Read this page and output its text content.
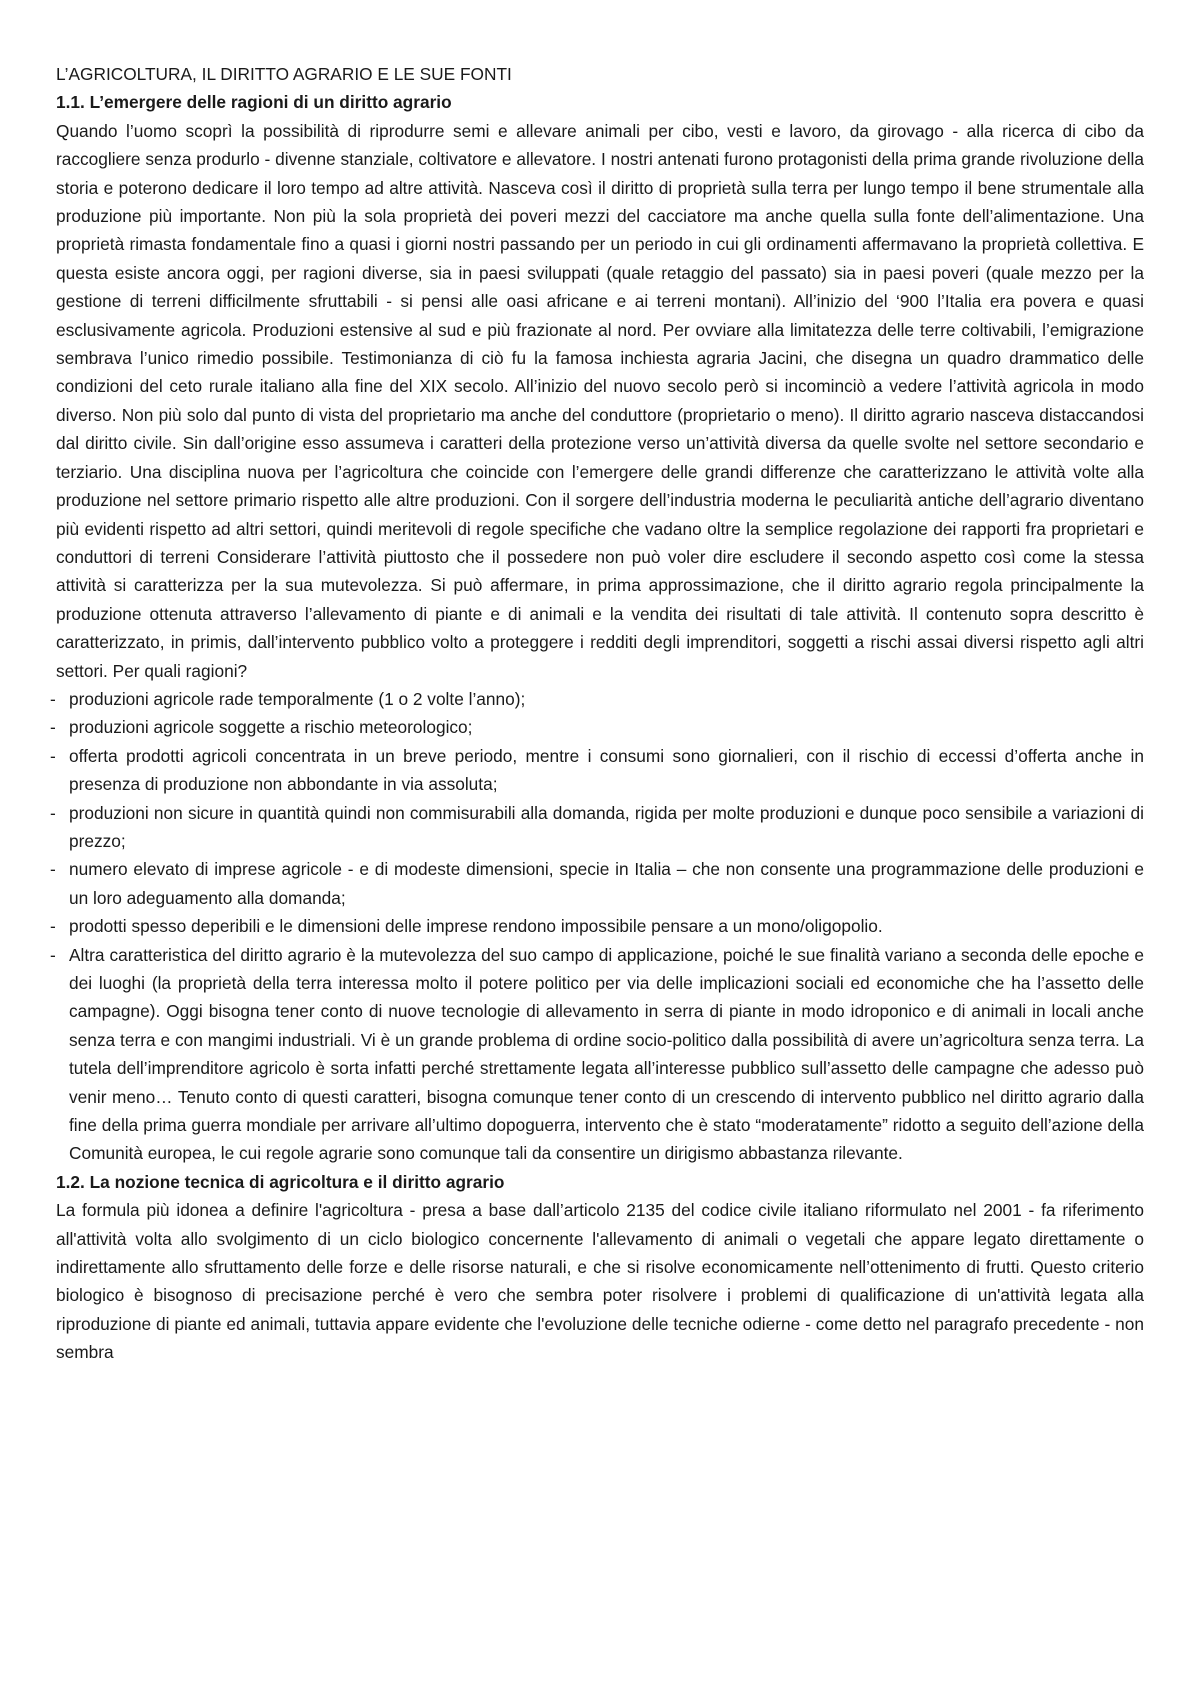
L’AGRICOLTURA, IL DIRITTO AGRARIO E LE SUE FONTI
1.1. L’emergere delle ragioni di un diritto agrario

Quando l’uomo scoprì la possibilità di riprodurre semi e allevare animali per cibo, vesti e lavoro, da girovago - alla ricerca di cibo da raccogliere senza produrlo - divenne stanziale, coltivatore e allevatore. I nostri antenati furono protagonisti della prima grande rivoluzione della storia e poterono dedicare il loro tempo ad altre attività. Nasceva così il diritto di proprietà sulla terra per lungo tempo il bene strumentale alla produzione più importante. Non più la sola proprietà dei poveri mezzi del cacciatore ma anche quella sulla fonte dell’alimentazione. Una proprietà rimasta fondamentale fino a quasi i giorni nostri passando per un periodo in cui gli ordinamenti affermavano la proprietà collettiva. E questa esiste ancora oggi, per ragioni diverse, sia in paesi sviluppati (quale retaggio del passato) sia in paesi poveri (quale mezzo per la gestione di terreni difficilmente sfruttabili - si pensi alle oasi africane e ai terreni montani). All’inizio del ‘900 l’Italia era povera e quasi esclusivamente agricola. Produzioni estensive al sud e più frazionate al nord. Per ovviare alla limitatezza delle terre coltivabili, l’emigrazione sembrava l’unico rimedio possibile. Testimonianza di ciò fu la famosa inchiesta agraria Jacini, che disegna un quadro drammatico delle condizioni del ceto rurale italiano alla fine del XIX secolo. All’inizio del nuovo secolo però si incominciò a vedere l’attività agricola in modo diverso. Non più solo dal punto di vista del proprietario ma anche del conduttore (proprietario o meno). Il diritto agrario nasceva distaccandosi dal diritto civile. Sin dall’origine esso assumeva i caratteri della protezione verso un’attività diversa da quelle svolte nel settore secondario e terziario. Una disciplina nuova per l’agricoltura che coincide con l’emergere delle grandi differenze che caratterizzano le attività volte alla produzione nel settore primario rispetto alle altre produzioni. Con il sorgere dell’industria moderna le peculiarità antiche dell’agrario diventano più evidenti rispetto ad altri settori, quindi meritevoli di regole specifiche che vadano oltre la semplice regolazione dei rapporti fra proprietari e conduttori di terreni Considerare l’attività piuttosto che il possedere non può voler dire escludere il secondo aspetto così come la stessa attività si caratterizza per la sua mutevolezza. Si può affermare, in prima approssimazione, che il diritto agrario regola principalmente la produzione ottenuta attraverso l’allevamento di piante e di animali e la vendita dei risultati di tale attività. Il contenuto sopra descritto è caratterizzato, in primis, dall’intervento pubblico volto a proteggere i redditi degli imprenditori, soggetti a rischi assai diversi rispetto agli altri settori. Per quali ragioni?

- produzioni agricole rade temporalmente (1 o 2 volte l’anno);
- produzioni agricole soggette a rischio meteorologico;
- offerta prodotti agricoli concentrata in un breve periodo, mentre i consumi sono giornalieri, con il rischio di eccessi d’offerta anche in presenza di produzione non abbondante in via assoluta;
- produzioni non sicure in quantità quindi non commisurabili alla domanda, rigida per molte produzioni e dunque poco sensibile a variazioni di prezzo;
- numero elevato di imprese agricole - e di modeste dimensioni, specie in Italia – che non consente una programmazione delle produzioni e un loro adeguamento alla domanda;
- prodotti spesso deperibili e le dimensioni delle imprese rendono impossibile pensare a un mono/oligopolio.
- Altra caratteristica del diritto agrario è la mutevolezza del suo campo di applicazione, poiché le sue finalità variano a seconda delle epoche e dei luoghi (la proprietà della terra interessa molto il potere politico per via delle implicazioni sociali ed economiche che ha l’assetto delle campagne). Oggi bisogna tener conto di nuove tecnologie di allevamento in serra di piante in modo idroponico e di animali in locali anche senza terra e con mangimi industriali. Vi è un grande problema di ordine socio-politico dalla possibilità di avere un’agricoltura senza terra. La tutela dell’imprenditore agricolo è sorta infatti perché strettamente legata all’interesse pubblico sull’assetto delle campagne che adesso può venir meno… Tenuto conto di questi caratteri, bisogna comunque tener conto di un crescendo di intervento pubblico nel diritto agrario dalla fine della prima guerra mondiale per arrivare all’ultimo dopoguerra, intervento che è stato “moderatamente” ridotto a seguito dell’azione della Comunità europea, le cui regole agrarie sono comunque tali da consentire un dirigismo abbastanza rilevante.
1.2. La nozione tecnica di agricoltura e il diritto agrario

La formula più idonea a definire l'agricoltura - presa a base dall’articolo 2135 del codice civile italiano riformulato nel 2001 - fa riferimento all'attività volta allo svolgimento di un ciclo biologico concernente l'allevamento di animali o vegetali che appare legato direttamente o indirettamente allo sfruttamento delle forze e delle risorse naturali, e che si risolve economicamente nell’ottenimento di frutti. Questo criterio biologico è bisognoso di precisazione perché è vero che sembra poter risolvere i problemi di qualificazione di un'attività legata alla riproduzione di piante ed animali, tuttavia appare evidente che l'evoluzione delle tecniche odierne - come detto nel paragrafo precedente - non sembra
